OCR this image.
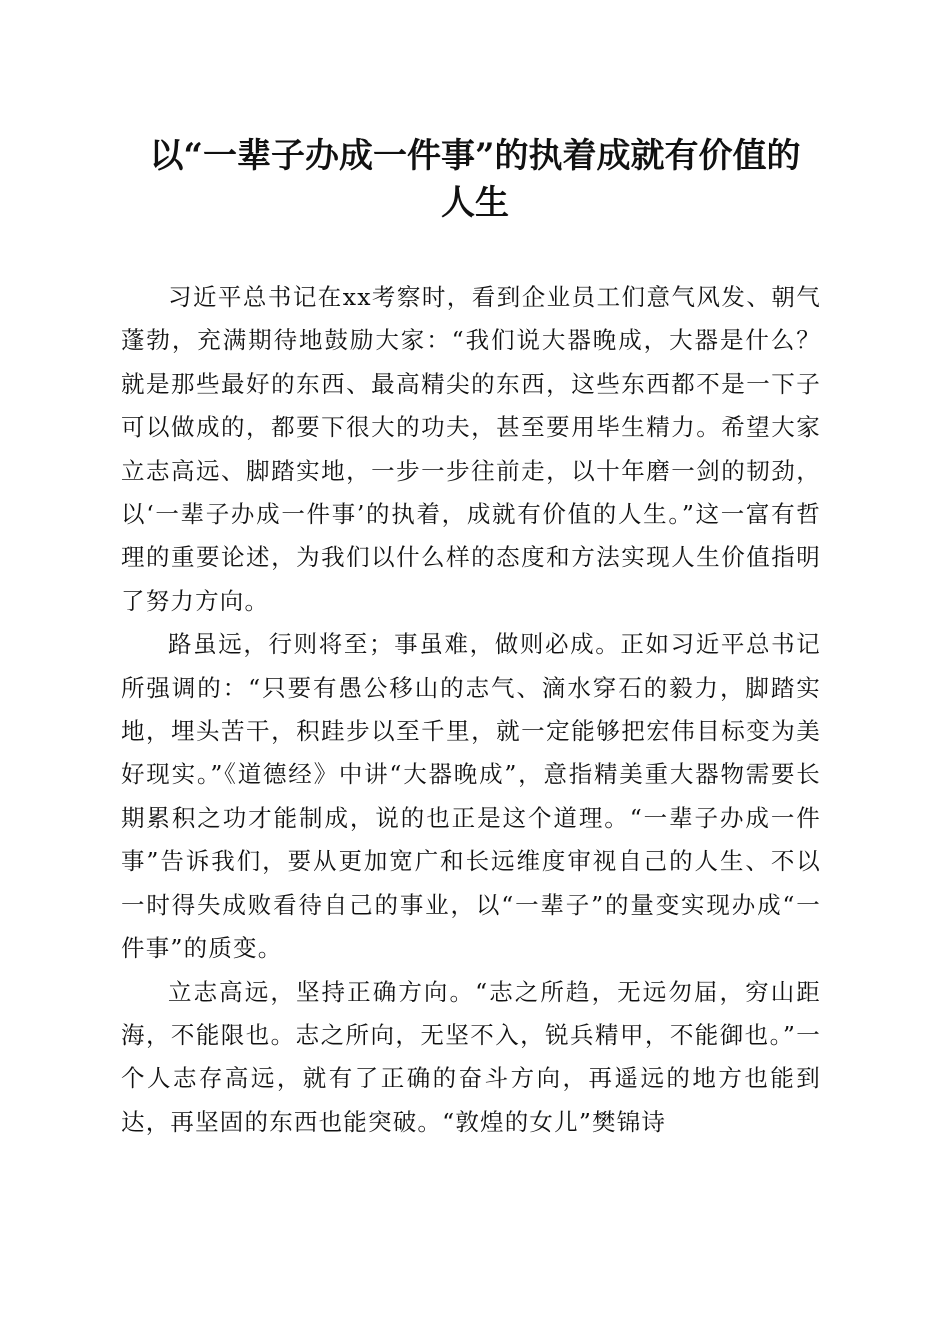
以“一辈子办成一件事”的执着成就有价值的
人生

习近平总书记在xx考察时，看到企业员工们意气风发、朝气蓬勃，充满期待地鼓励大家：“我们说大器晚成，大器是什么？就是那些最好的东西、最高精尖的东西，这些东西都不是一下子可以做成的，都要下很大的功夫，甚至要用毕生精力。希望大家立志高远、脚踏实地，一步一步往前走，以十年磨一剑的韧劲，以‘一辈子办成一件事’的执着，成就有价值的人生。”这一富有哲理的重要论述，为我们以什么样的态度和方法实现人生价值指明了努力方向。

路虽远，行则将至；事虽难，做则必成。正如习近平总书记所强调的：“只要有愚公移山的志气、滴水穿石的毅力，脚踏实地，埋头苦干，积跬步以至千里，就一定能够把宏伟目标变为美好现实。”《道德经》中讲“大器晚成”，意指精美重大器物需要长期累积之功才能制成，说的也正是这个道理。“一辈子办成一件事”告诉我们，要从更加宽广和长远维度审视自己的人生、不以一时得失成败看待自己的事业，以“一辈子”的量变实现办成“一件事”的质变。

立志高远，坚持正确方向。“志之所趋，无远勿届，穷山距海，不能限也。志之所向，无坚不入，锐兵精甲，不能御也。”一个人志存高远，就有了正确的奋斗方向，再遥远的地方也能到达，再坚固的东西也能突破。“敦煌的女儿”樊锦诗
